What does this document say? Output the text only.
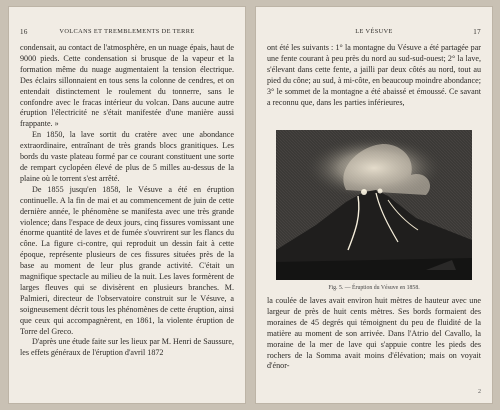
16	VOLCANS ET TREMBLEMENTS DE TERRE

condensait, au contact de l'atmosphère, en un nuage épais, haut de 9000 pieds. Cette condensation si brusque de la vapeur et la formation même du nuage augmentaient la tension électrique. Des éclairs sillonnaient en tous sens la colonne de cendres, et on entendait distinctement le roulement du tonnerre, sans le confondre avec le fracas intérieur du volcan. Dans aucune autre éruption l'électricité ne s'était manifestée d'une manière aussi frappante. »

En 1850, la lave sortit du cratère avec une abondance extraordinaire, entraînant de très grands blocs granitiques. Les bords du vaste plateau formé par ce courant constituent une sorte de rempart cyclopéen élevé de plus de 5 milles au-dessus de la plaine où le torrent s'est arrêté.

De 1855 jusqu'en 1858, le Vésuve a été en éruption continuelle. A la fin de mai et au commencement de juin de cette dernière année, le phénomène se manifesta avec une très grande violence; dans l'espace de deux jours, cinq fissures vomissant une énorme quantité de laves et de fumée s'ouvrirent sur les flancs du cône. La figure ci-contre, qui reproduit un dessin fait à cette époque, représente plusieurs de ces fissures situées près de la base au moment de leur plus grande activité. C'était un magnifique spectacle au milieu de la nuit. Les laves formèrent de larges fleuves qui se divisèrent en plusieurs branches. M. Palmieri, directeur de l'observatoire construit sur le Vésuve, a soigneusement décrit tous les phénomènes de cette éruption, ainsi que ceux qui accompagnèrent, en 1861, la violente éruption de Torre del Greco.

D'après une étude faite sur les lieux par M. Henri de Saussure, les effets généraux de l'éruption d'avril 1872

LE VÉSUVE	17

ont été les suivants : 1° la montagne du Vésuve a été partagée par une fente courant à peu près du nord au sud-sud-ouest; 2° la lave, s'élevant dans cette fente, a jailli par deux côtés au nord, tout au pied du cône; au sud, à mi-côte, en beaucoup moindre abondance; 3° le sommet de la montagne a été abaissé et émoussé. Ce savant a reconnu que, dans les parties inférieures,

Fig. 5. — Éruption du Vésuve en 1858.

la coulée de laves avait environ huit mètres de hauteur avec une largeur de près de huit cents mètres. Ses bords formaient des moraines de 45 degrés qui témoignent du peu de fluidité de la matière au moment de son arrivée. Dans l'Atrio del Cavallo, la moraine de la mer de lave qui s'appuie contre les pieds des rochers de la Somma avait moins d'élévation; mais on voyait d'énor-

2
